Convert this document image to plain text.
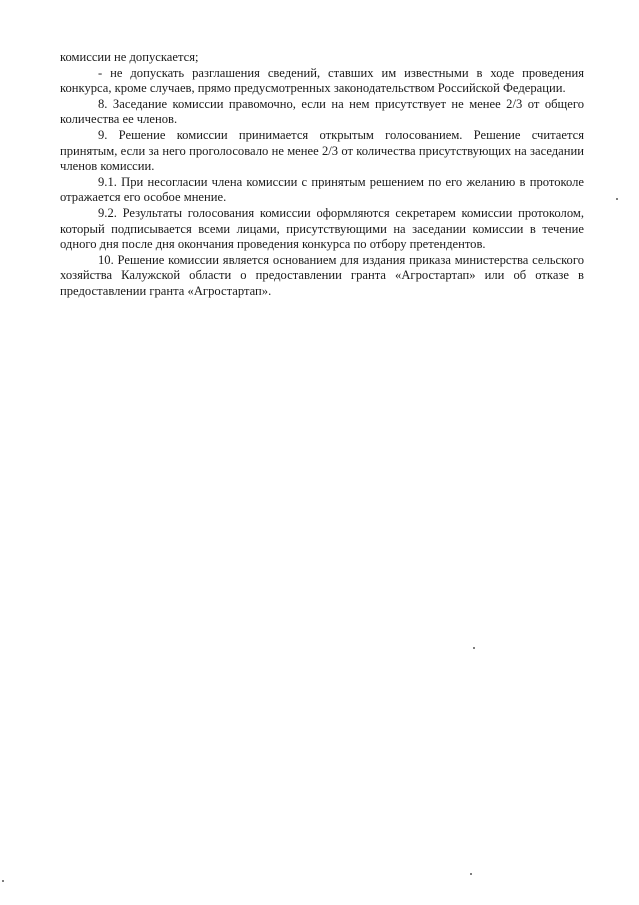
комиссии не допускается;

- не допускать разглашения сведений, ставших им известными в ходе проведения конкурса, кроме случаев, прямо предусмотренных законодательством Российской Федерации.

8. Заседание комиссии правомочно, если на нем присутствует не менее 2/3 от общего количества ее членов.

9. Решение комиссии принимается открытым голосованием. Решение считается принятым, если за него проголосовало не менее 2/3 от количества присутствующих на заседании членов комиссии.

9.1. При несогласии члена комиссии с принятым решением по его желанию в протоколе отражается его особое мнение.

9.2. Результаты голосования комиссии оформляются секретарем комиссии протоколом, который подписывается всеми лицами, присутствующими на заседании комиссии в течение одного дня после дня окончания проведения конкурса по отбору претендентов.

10. Решение комиссии является основанием для издания приказа министерства сельского хозяйства Калужской области о предоставлении гранта «Агростартап» или об отказе в предоставлении гранта «Агростартап».
